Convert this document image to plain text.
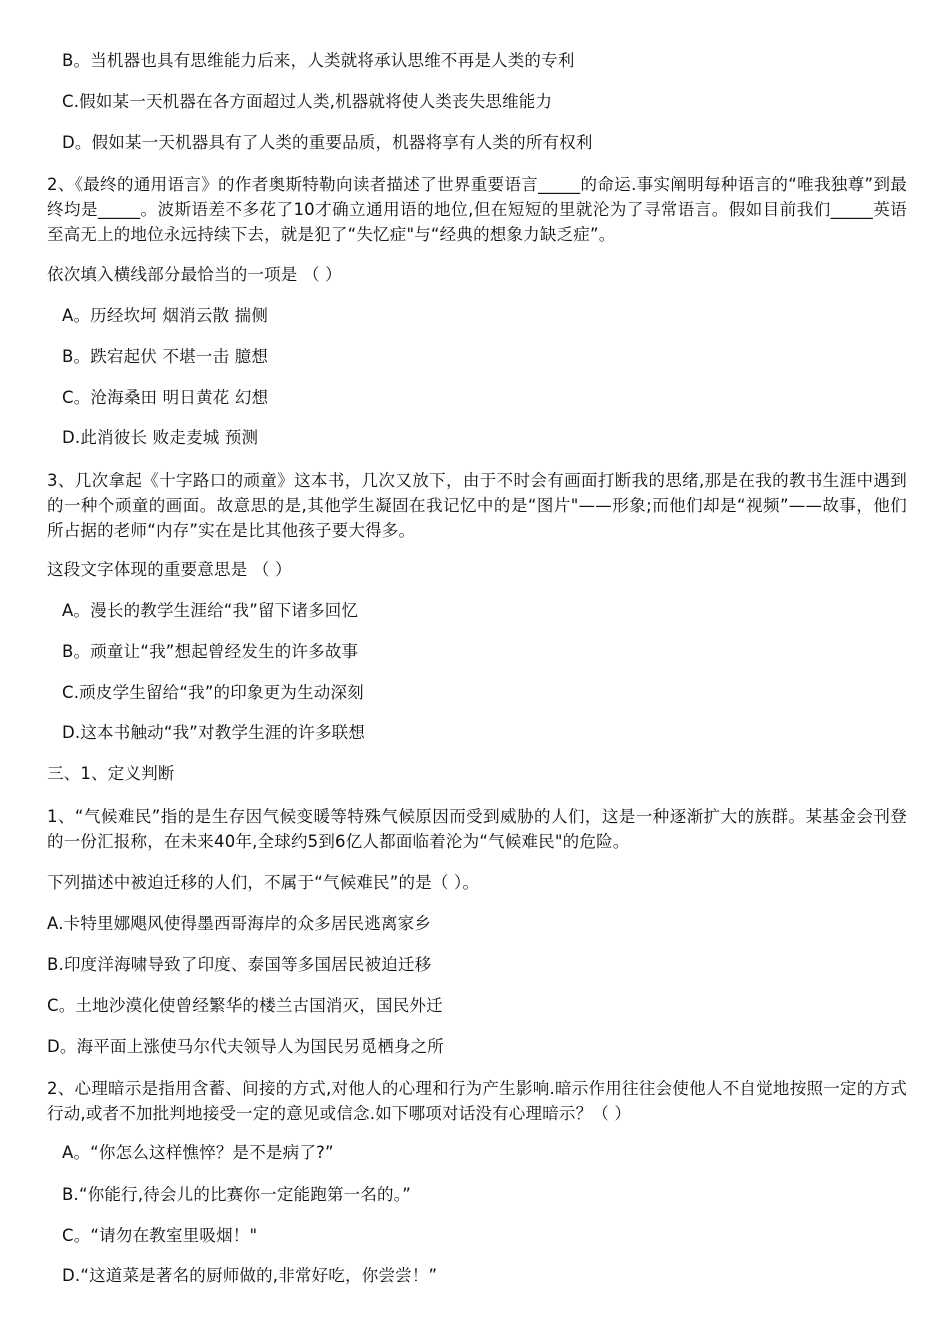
B。当机器也具有思维能力后来，人类就将承认思维不再是人类的专利
C.假如某一天机器在各方面超过人类,机器就将使人类丧失思维能力
D。假如某一天机器具有了人类的重要品质，机器将享有人类的所有权利
2、《最终的通用语言》的作者奥斯特勒向读者描述了世界重要语言_____的命运.事实阐明每种语言的“唯我独尊”到最终均是_____。波斯语差不多花了10才确立通用语的地位,但在短短的里就沦为了寻常语言。假如目前我们_____英语至高无上的地位永远持续下去，就是犯了“失忆症"与“经典的想象力缺乏症”。
依次填入横线部分最恰当的一项是 （ ）
A。历经坎坷 烟消云散 揣侧
B。跌宕起伏 不堪一击 臆想
C。沧海桑田 明日黄花 幻想
D.此消彼长 败走麦城 预测
3、几次拿起《十字路口的顽童》这本书，几次又放下，由于不时会有画面打断我的思绪,那是在我的教书生涯中遇到的一种个顽童的画面。故意思的是,其他学生凝固在我记忆中的是“图片"——形象;而他们却是“视频”——故事，他们所占据的老师“内存”实在是比其他孩子要大得多。
这段文字体现的重要意思是 （ ）
A。漫长的教学生涯给“我”留下诸多回忆
B。顽童让“我”想起曾经发生的许多故事
C.顽皮学生留给“我”的印象更为生动深刻
D.这本书触动“我”对教学生涯的许多联想
三、1、定义判断
1、“气候难民”指的是生存因气候变暖等特殊气候原因而受到威胁的人们，这是一种逐渐扩大的族群。某基金会刊登的一份汇报称，在未来40年,全球约5到6亿人都面临着沦为“气候难民"的危险。
下列描述中被迫迁移的人们，不属于“气候难民”的是（ ）。
A.卡特里娜飓风使得墨西哥海岸的众多居民逃离家乡
B.印度洋海啸导致了印度、泰国等多国居民被迫迁移
C。土地沙漠化使曾经繁华的楼兰古国消灭，国民外迁
D。海平面上涨使马尔代夫领导人为国民另觅栖身之所
2、心理暗示是指用含蓄、间接的方式,对他人的心理和行为产生影响.暗示作用往往会使他人不自觉地按照一定的方式行动,或者不加批判地接受一定的意见或信念.如下哪项对话没有心理暗示？（ ）
A。“你怎么这样憔悴？是不是病了?”
B.“你能行,待会儿的比赛你一定能跑第一名的。”
C。“请勿在教室里吸烟！"
D.“这道菜是著名的厨师做的,非常好吃，你尝尝！”
